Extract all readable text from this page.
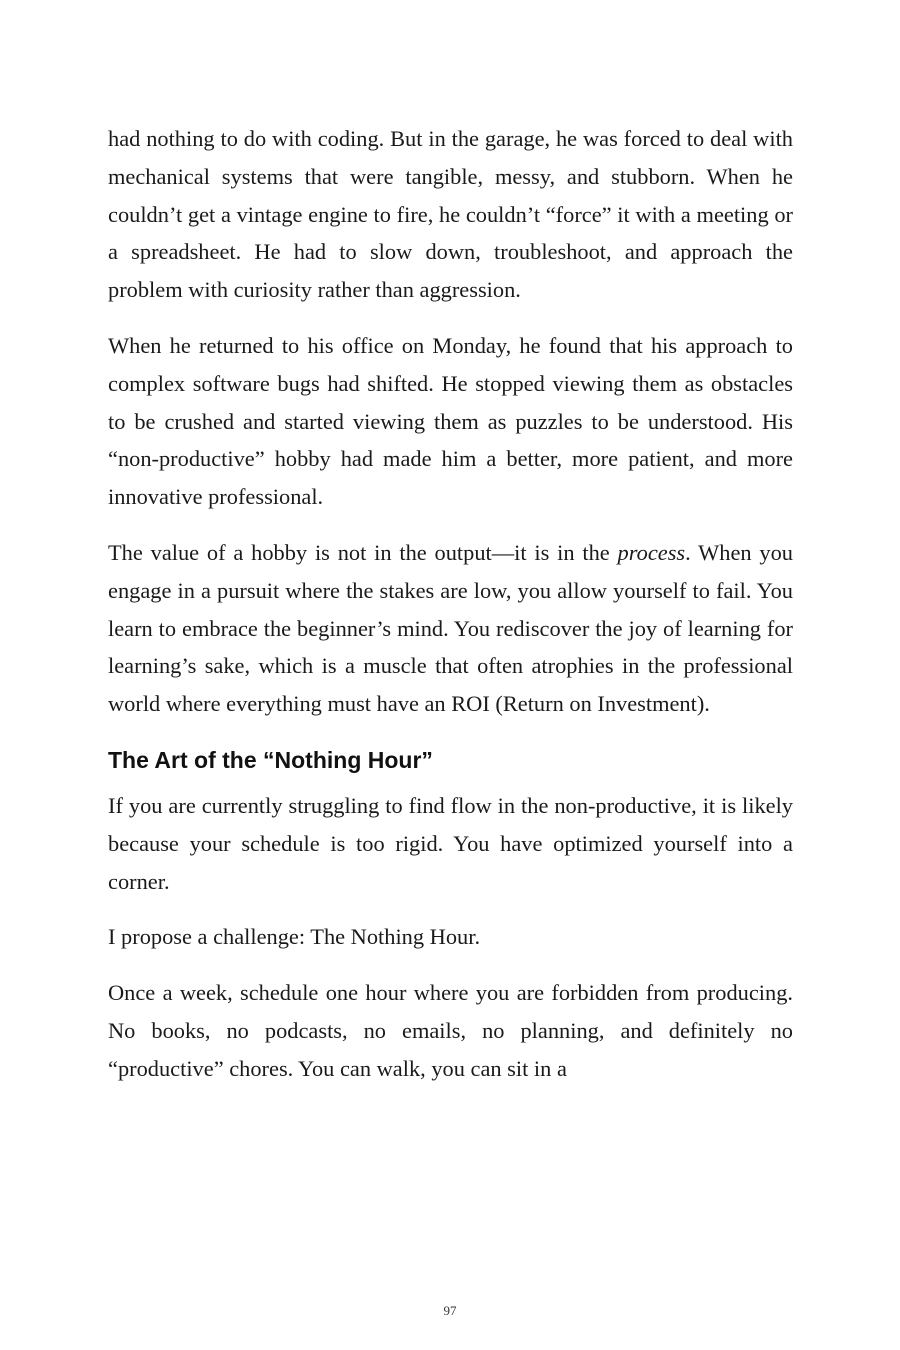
had nothing to do with coding. But in the garage, he was forced to deal with mechanical systems that were tangible, messy, and stubborn. When he couldn’t get a vintage engine to fire, he couldn’t “force” it with a meeting or a spreadsheet. He had to slow down, troubleshoot, and approach the problem with curiosity rather than aggression.

When he returned to his office on Monday, he found that his approach to complex software bugs had shifted. He stopped viewing them as obstacles to be crushed and started viewing them as puzzles to be understood. His “non-productive” hobby had made him a better, more patient, and more innovative professional.

The value of a hobby is not in the output—it is in the process. When you engage in a pursuit where the stakes are low, you allow yourself to fail. You learn to embrace the beginner’s mind. You rediscover the joy of learning for learning’s sake, which is a muscle that often atrophies in the professional world where everything must have an ROI (Return on Investment).

The Art of the “Nothing Hour”

If you are currently struggling to find flow in the non-productive, it is likely because your schedule is too rigid. You have optimized yourself into a corner.

I propose a challenge: The Nothing Hour.

Once a week, schedule one hour where you are forbidden from producing. No books, no podcasts, no emails, no planning, and definitely no “productive” chores. You can walk, you can sit in a

97
